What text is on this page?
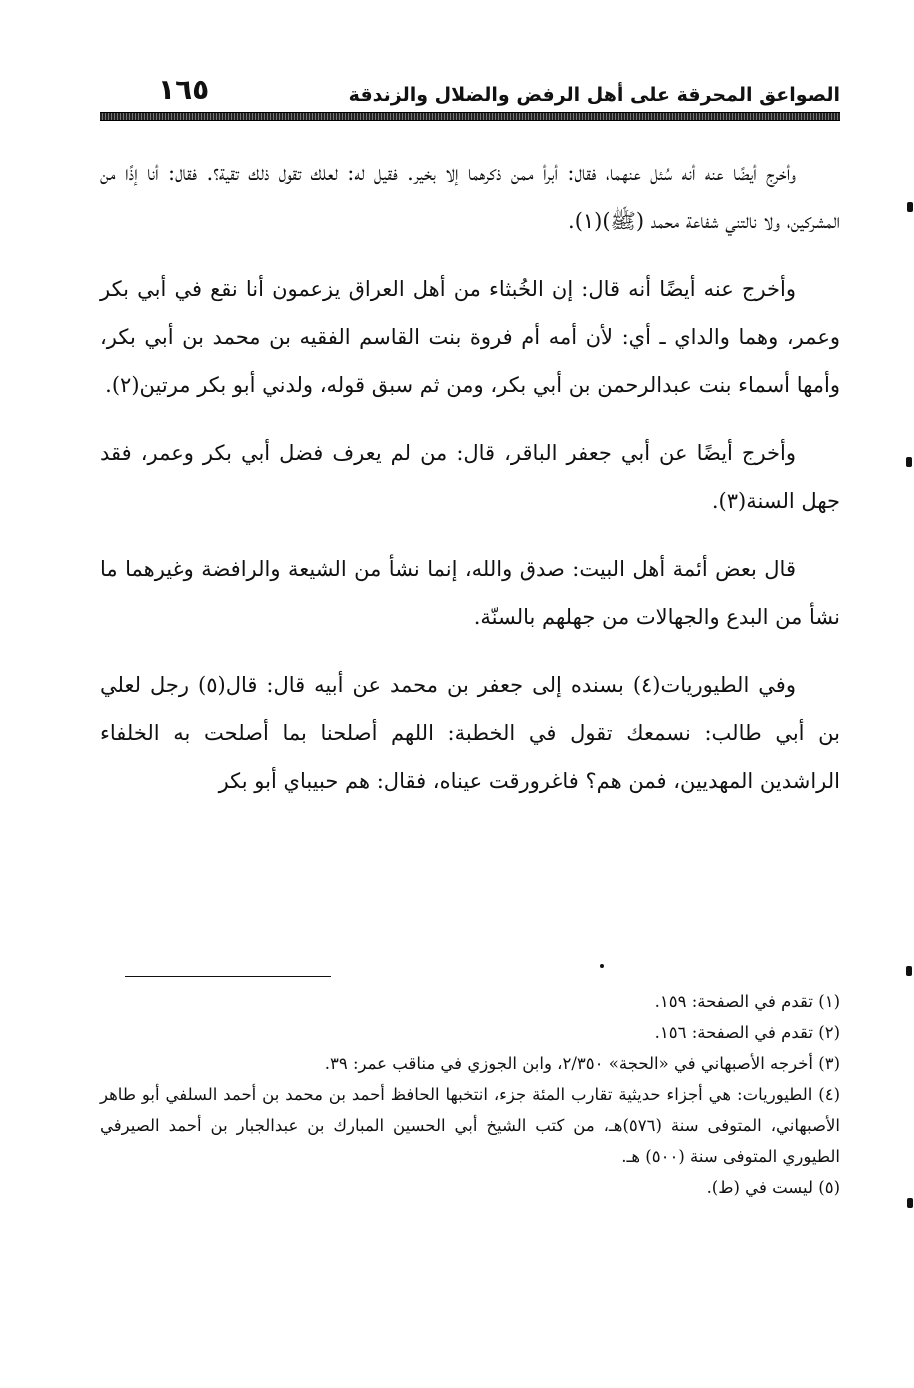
الصواعق المحرقة على أهل الرفض والضلال والزندقة
١٦٥

وأخرج أيضًا عنه أنه سُئل عنهما، فقال: أبرأ ممن ذكرهما إلا بخير. فقيل له: لعلك تقول ذلك تقية؟. فقال: أنا إذًا من المشركين، ولا نالتني شفاعة محمد (ﷺ)(١).

وأخرج عنه أيضًا أنه قال: إن الخُبثاء من أهل العراق يزعمون أنا نقع في أبي بكر وعمر، وهما والداي ـ أي: لأن أمه أم فروة بنت القاسم الفقيه بن محمد بن أبي بكر، وأمها أسماء بنت عبدالرحمن بن أبي بكر، ومن ثم سبق قوله، ولدني أبو بكر مرتين(٢).

وأخرج أيضًا عن أبي جعفر الباقر، قال: من لم يعرف فضل أبي بكر وعمر، فقد جهل السنة(٣).

قال بعض أئمة أهل البيت: صدق والله، إنما نشأ من الشيعة والرافضة وغيرهما ما نشأ من البدع والجهالات من جهلهم بالسنّة.

وفي الطيوريات(٤) بسنده إلى جعفر بن محمد عن أبيه قال: قال(٥) رجل لعلي بن أبي طالب: نسمعك تقول في الخطبة: اللهم أصلحنا بما أصلحت به الخلفاء الراشدين المهديين، فمن هم؟ فاغرورقت عيناه، فقال: هم حبيباي أبو بكر

(١) تقدم في الصفحة: ١٥٩.

(٢) تقدم في الصفحة: ١٥٦.

(٣) أخرجه الأصبهاني في «الحجة» ٢/٣٥٠، وابن الجوزي في مناقب عمر: ٣٩.

(٤) الطيوريات: هي أجزاء حديثية تقارب المئة جزء، انتخبها الحافظ أحمد بن محمد بن أحمد السلفي أبو طاهر الأصبهاني، المتوفى سنة (٥٧٦)هـ، من كتب الشيخ أبي الحسين المبارك بن عبدالجبار بن أحمد الصيرفي الطيوري المتوفى سنة (٥٠٠) هـ.

(٥) ليست في (ط).
